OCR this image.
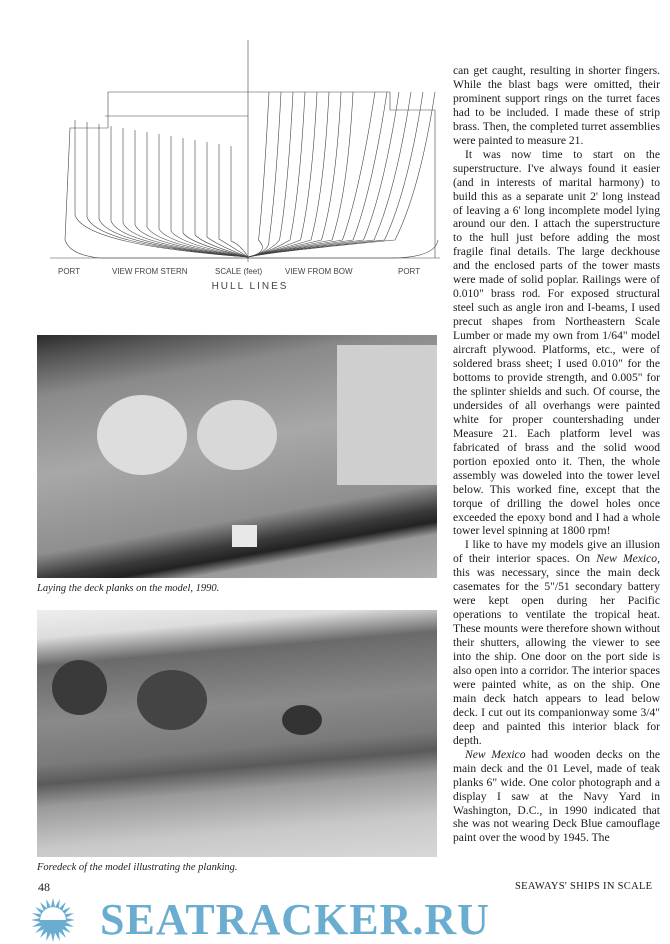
PORT	VIEW FROM STERN	SCALE (feet)	VIEW FROM BOW	PORT
HULL LINES
Laying the deck planks on the model, 1990.
Foredeck of the model illustrating the planking.

can get caught, resulting in shorter fingers. While the blast bags were omitted, their prominent support rings on the turret faces had to be included. I made these of strip brass. Then, the completed turret assemblies were painted to measure 21.

It was now time to start on the superstructure. I've always found it easier (and in interests of marital harmony) to build this as a separate unit 2' long instead of leaving a 6' long incomplete model lying around our den. I attach the superstructure to the hull just before adding the most fragile final details. The large deckhouse and the enclosed parts of the tower masts were made of solid poplar. Railings were of 0.010" brass rod. For exposed structural steel such as angle iron and I-beams, I used precut shapes from Northeastern Scale Lumber or made my own from 1/64" model aircraft plywood. Platforms, etc., were of soldered brass sheet; I used 0.010" for the bottoms to provide strength, and 0.005" for the splinter shields and such. Of course, the undersides of all overhangs were painted white for proper countershading under Measure 21. Each platform level was fabricated of brass and the solid wood portion epoxied onto it. Then, the whole assembly was doweled into the tower level below. This worked fine, except that the torque of drilling the dowel holes once exceeded the epoxy bond and I had a whole tower level spinning at 1800 rpm!

I like to have my models give an illusion of their interior spaces. On New Mexico, this was necessary, since the main deck casemates for the 5"/51 secondary battery were kept open during her Pacific operations to ventilate the tropical heat. These mounts were therefore shown without their shutters, allowing the viewer to see into the ship. One door on the port side is also open into a corridor. The interior spaces were painted white, as on the ship. One main deck hatch appears to lead below deck. I cut out its companionway some 3/4" deep and painted this interior black for depth.

New Mexico had wooden decks on the main deck and the 01 Level, made of teak planks 6" wide. One color photograph and a display I saw at the Navy Yard in Washington, D.C., in 1990 indicated that she was not wearing Deck Blue camouflage paint over the wood by 1945. The

SEATRACKER.RU
48	SEAWAYS' SHIPS IN SCALE
